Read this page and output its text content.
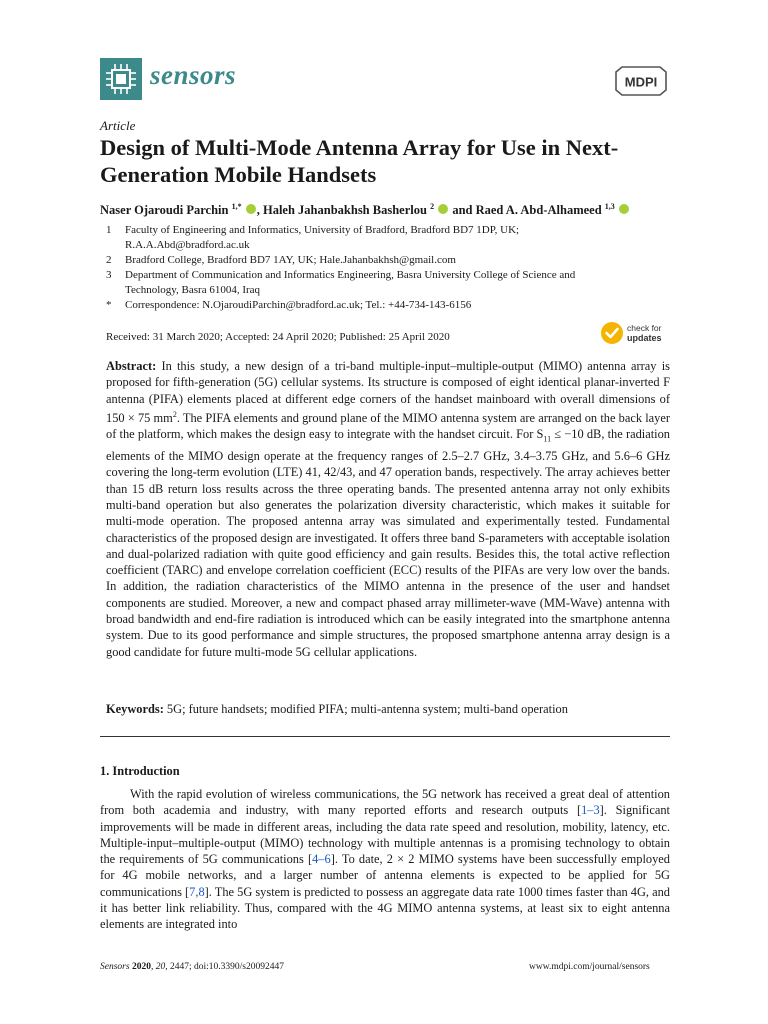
sensors	MDPI
Article
Design of Multi-Mode Antenna Array for Use in Next-Generation Mobile Handsets
Naser Ojaroudi Parchin $^{1,*}$ , Haleh Jahanbakhsh Basherlou $^2$  and Raed A. Abd-Alhameed $^{1,3}$
1 Faculty of Engineering and Informatics, University of Bradford, Bradford BD7 1DP, UK;
R.A.A.Abd@bradford.ac.uk
2 Bradford College, Bradford BD7 1AY, UK; Hale.Jahanbakhsh@gmail.com
3 Department of Communication and Informatics Engineering, Basra University College of Science and
Technology, Basra 61004, Iraq
* Correspondence: N.OjaroudiParchin@bradford.ac.uk; Tel.: +44-734-143-6156
Received: 31 March 2020; Accepted: 24 April 2020; Published: 25 April 2020
check for
updates
Abstract: In this study, a new design of a tri-band multiple-input–multiple-output (MIMO) antenna array is proposed for fifth-generation (5G) cellular systems. Its structure is composed of eight identical planar-inverted F antenna (PIFA) elements placed at different edge corners of the handset mainboard with overall dimensions of 150 × 75 $mm^2$. The PIFA elements and ground plane of the MIMO antenna system are arranged on the back layer of the platform, which makes the design easy to integrate with the handset circuit. For $S_{11} \le -10$ dB, the radiation elements of the MIMO design operate at the frequency ranges of 2.5–2.7 GHz, 3.4–3.75 GHz, and 5.6–6 GHz covering the long-term evolution (LTE) 41, 42/43, and 47 operation bands, respectively. The array achieves better than 15 dB return loss results across the three operating bands. The presented antenna array not only exhibits multi-band operation but also generates the polarization diversity characteristic, which makes it suitable for multi-mode operation. The proposed antenna array was simulated and experimentally tested. Fundamental characteristics of the proposed design are investigated. It offers three band S-parameters with acceptable isolation and dual-polarized radiation with quite good efficiency and gain results. Besides this, the total active reflection coefficient (TARC) and envelope correlation coefficient (ECC) results of the PIFAs are very low over the bands. In addition, the radiation characteristics of the MIMO antenna in the presence of the user and handset components are studied. Moreover, a new and compact phased array millimeter-wave (MM-Wave) antenna with broad bandwidth and end-fire radiation is introduced which can be easily integrated into the smartphone antenna system. Due to its good performance and simple structures, the proposed smartphone antenna array design is a good candidate for future multi-mode 5G cellular applications.
Keywords: 5G; future handsets; modified PIFA; multi-antenna system; multi-band operation
1. Introduction
With the rapid evolution of wireless communications, the 5G network has received a great deal of attention from both academia and industry, with many reported efforts and research outputs [1–3]. Significant improvements will be made in different areas, including the data rate speed and resolution, mobility, latency, etc. Multiple-input–multiple-output (MIMO) technology with multiple antennas is a promising technology to obtain the requirements of 5G communications [4–6]. To date, 2 × 2 MIMO systems have been successfully employed for 4G mobile networks, and a larger number of antenna elements is expected to be applied for 5G communications [7,8]. The 5G system is predicted to possess an aggregate data rate 1000 times faster than 4G, and it has better link reliability. Thus, compared with the 4G MIMO antenna systems, at least six to eight antenna elements are integrated into
Sensors 2020, 20, 2447; doi:10.3390/s20092447	www.mdpi.com/journal/sensors
